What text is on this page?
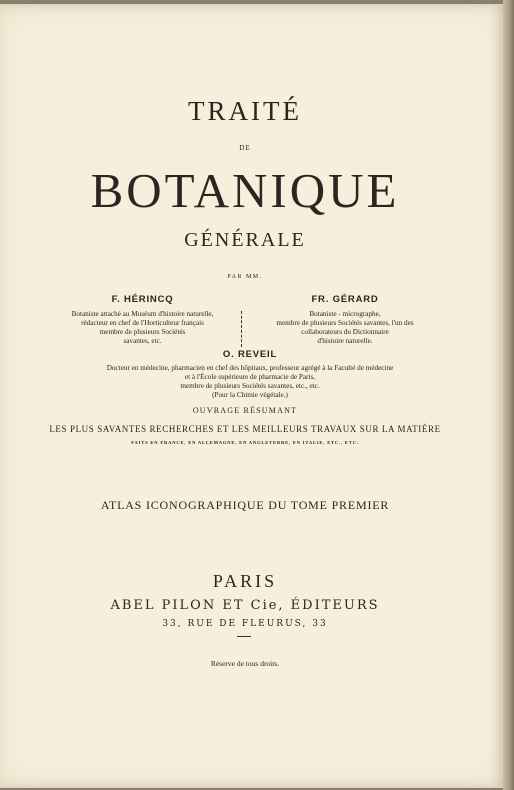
TRAITÉ
DE
BOTANIQUE
GÉNÉRALE
PAR MM.
F. HÉRINCQ
Botaniste attaché au Muséum d'histoire naturelle,
rédacteur en chef de l'Horticulteur français
membre de plusieurs Sociétés
savantes, etc.
FR. GÉRARD
Botaniste - micrographe,
membre de plusieurs Sociétés savantes, l'un des
collaborateurs du Dictionnaire
d'histoire naturelle.
O. REVEIL
Docteur en médecine, pharmacien en chef des hôpitaux, professeur agrégé à la Faculté de médecine
et à l'École supérieure de pharmacie de Paris,
membre de plusieurs Sociétés savantes, etc., etc.
(Pour la Chimie végétale.)
OUVRAGE RÉSUMANT
LES PLUS SAVANTES RECHERCHES ET LES MEILLEURS TRAVAUX SUR LA MATIÈRE
FAITS EN FRANCE, EN ALLEMAGNE, EN ANGLETERRE, EN ITALIE, ETC., ETC.
ATLAS ICONOGRAPHIQUE DU TOME PREMIER
PARIS
ABEL PILON ET Cie, ÉDITEURS
33, RUE DE FLEURUS, 33
Réserve de tous droits.
